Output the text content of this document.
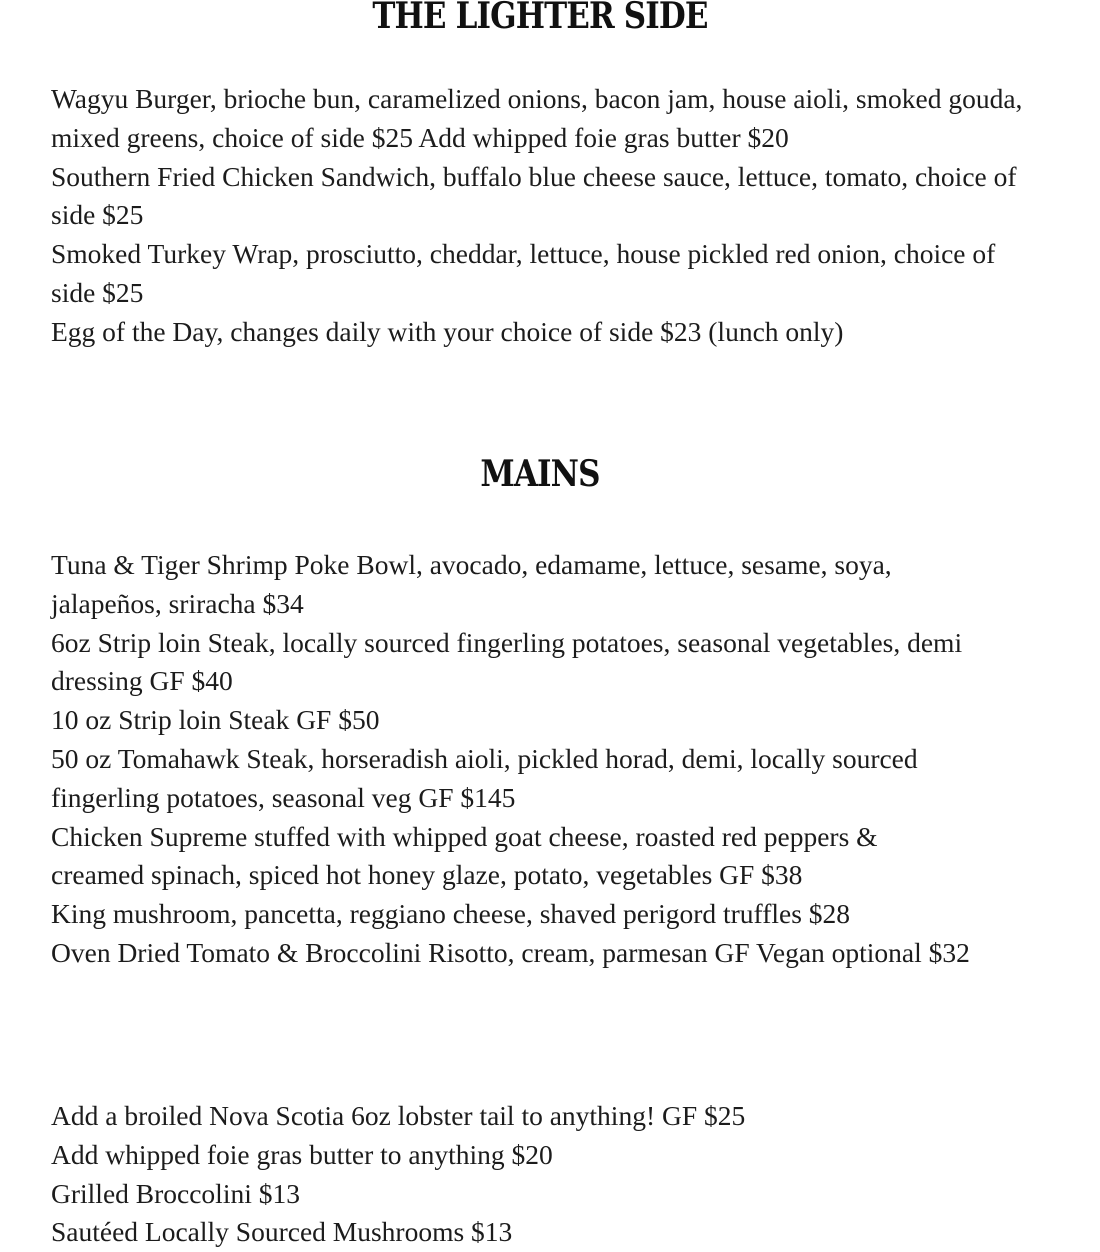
THE LIGHTER SIDE
Wagyu Burger, brioche bun, caramelized onions, bacon jam, house aioli, smoked gouda,
mixed greens, choice of side $25 Add whipped foie gras butter $20
Southern Fried Chicken Sandwich, buffalo blue cheese sauce, lettuce, tomato, choice of
side $25
Smoked Turkey Wrap, prosciutto, cheddar, lettuce, house pickled red onion, choice of
side $25
Egg of the Day, changes daily with your choice of side $23 (lunch only)
MAINS
Tuna & Tiger Shrimp Poke Bowl, avocado, edamame, lettuce, sesame, soya,
jalapeños, sriracha $34
6oz Strip loin Steak, locally sourced fingerling potatoes, seasonal vegetables, demi
dressing GF $40
10 oz Strip loin Steak GF $50
50 oz Tomahawk Steak, horseradish aioli, pickled horad, demi, locally sourced
fingerling potatoes, seasonal veg GF $145
Chicken Supreme stuffed with whipped goat cheese, roasted red peppers &
creamed spinach, spiced hot honey glaze, potato, vegetables GF $38
King mushroom, pancetta, reggiano cheese, shaved perigord truffles $28
Oven Dried Tomato & Broccolini Risotto, cream, parmesan GF Vegan optional $32
Add a broiled Nova Scotia 6oz lobster tail to anything! GF $25
Add whipped foie gras butter to anything $20
Grilled Broccolini $13
Sautéed Locally Sourced Mushrooms $13
